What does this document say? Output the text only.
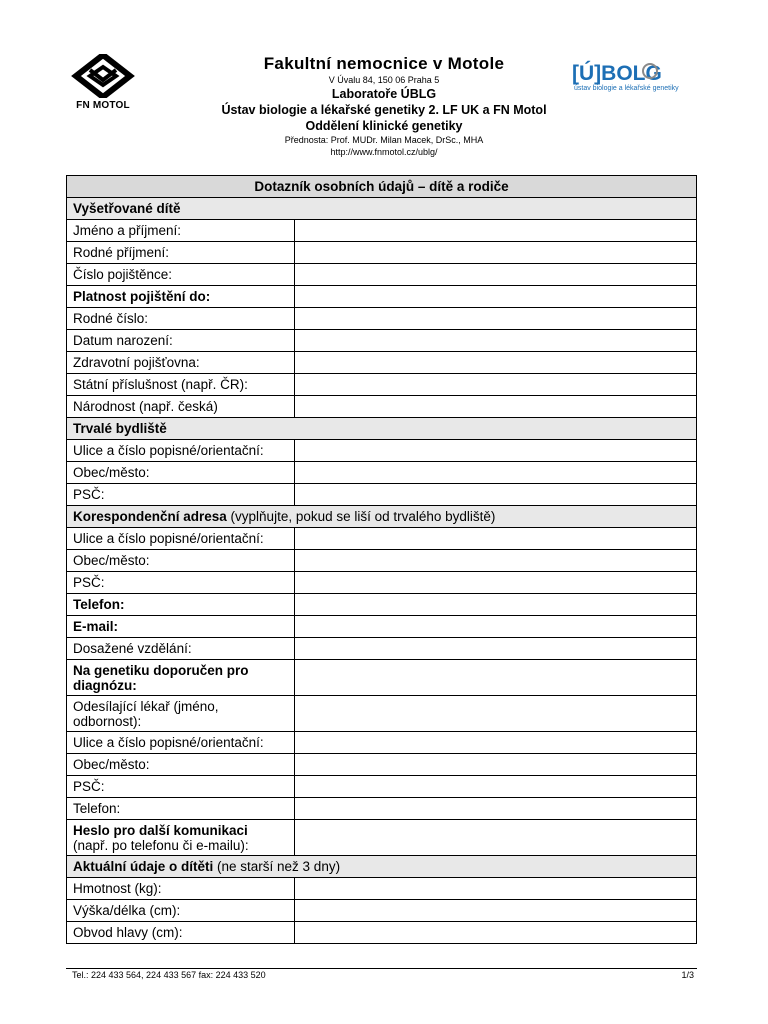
FN MOTOL
Fakultní nemocnice v Motole
V Úvalu 84, 150 06 Praha 5
Laboratoře ÚBLG
Ústav biologie a lékařské genetiky 2. LF UK a FN Motol
Oddělení klinické genetiky
Přednosta: Prof. MUDr. Milan Macek, DrSc., MHA
http://www.fnmotol.cz/ublg/
[Ú]BOLG
ústav biologie a lékařské genetiky
Dotazník osobních údajů – dítě a rodiče	
Vyšetřované dítě	
Jméno a příjmení:	
Rodné příjmení:	
Číslo pojištěnce:	
Platnost pojištění do:	
Rodné číslo:	
Datum narození:	
Zdravotní pojišťovna:	
Státní příslušnost (např. ČR):	
Národnost (např. česká)	
Trvalé bydliště	
Ulice a číslo popisné/orientační:	
Obec/město:	
PSČ:	
Korespondenční adresa (vyplňujte, pokud se liší od trvalého bydliště)	
Ulice a číslo popisné/orientační:	
Obec/město:	
PSČ:	
Telefon:	
E-mail:	
Dosažené vzdělání:	

Na genetiku doporučen pro
diagnózu:	

Odesílající lékař (jméno,
odbornost):	

Ulice a číslo popisné/orientační:	
Obec/město:	
PSČ:	
Telefon:	

Heslo pro další komunikaci
(např. po telefonu či e-mailu):	

Aktuální údaje o dítěti (ne starší než 3 dny)	
Hmotnost (kg):	
Výška/délka (cm):	
Obvod hlavy (cm):	
Tel.: 224 433 564, 224 433 567 fax: 224 433 520	1/3
